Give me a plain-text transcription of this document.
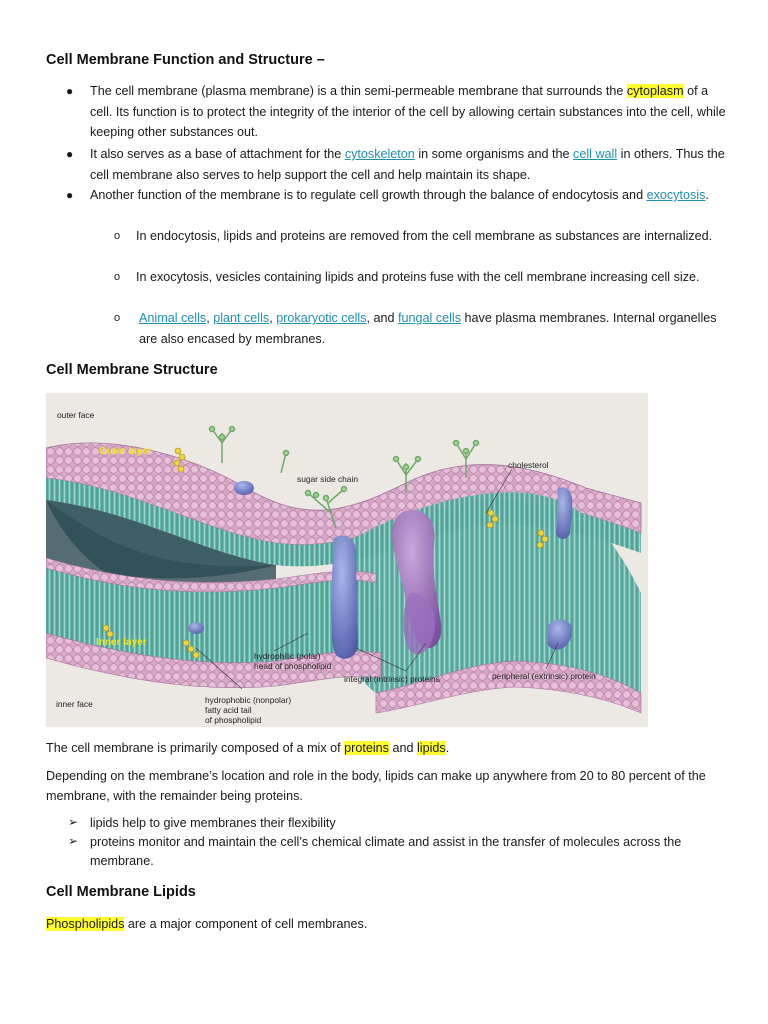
Cell Membrane Function and Structure –
● The cell membrane (plasma membrane) is a thin semi-permeable membrane that surrounds the cytoplasm of a cell. Its function is to protect the integrity of the interior of the cell by allowing certain substances into the cell, while keeping other substances out.
● It also serves as a base of attachment for the cytoskeleton in some organisms and the cell wall in others. Thus the cell membrane also serves to help support the cell and help maintain its shape.
● Another function of the membrane is to regulate cell growth through the balance of endocytosis and exocytosis.
o In endocytosis, lipids and proteins are removed from the cell membrane as substances are internalized.
o In exocytosis, vesicles containing lipids and proteins fuse with the cell membrane increasing cell size.
o Animal cells, plant cells, prokaryotic cells, and fungal cells have plasma membranes. Internal organelles are also encased by membranes.
Cell Membrane Structure
outer face
Outer layer
sugar side chain
cholesterol
Inner layer
hydrophilic (polar)
head of phospholipid
integral (intrinsic) proteins	peripheral (extrinsic) protein
hydrophobic (nonpolar)
fatty acid tail
of phospholipid
inner face
The cell membrane is primarily composed of a mix of proteins and lipids.
Depending on the membrane’s location and role in the body, lipids can make up anywhere from 20 to 80 percent of the membrane, with the remainder being proteins.
➢ lipids help to give membranes their flexibility
➢ proteins monitor and maintain the cell’s chemical climate and assist in the transfer of molecules across the membrane.
Cell Membrane Lipids
Phospholipids are a major component of cell membranes.
